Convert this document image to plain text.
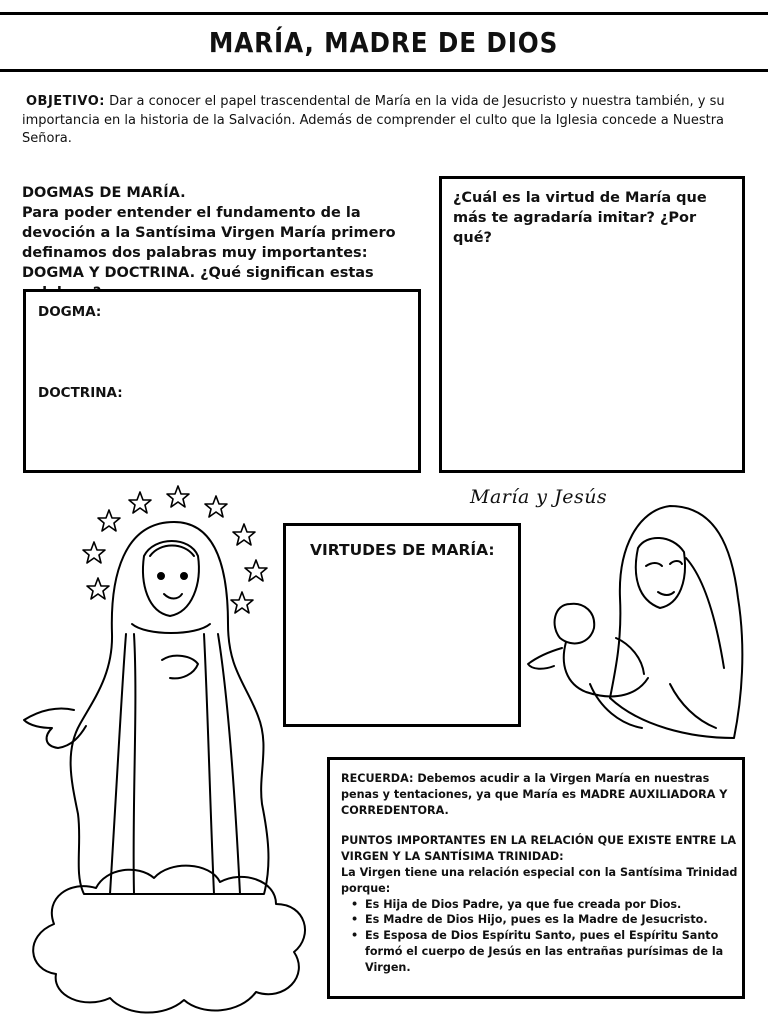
MARÍA, MADRE DE DIOS
OBJETIVO: Dar a conocer el papel trascendental de María en la vida de Jesucristo y nuestra también, y su importancia en la historia de la Salvación. Además de comprender el culto que la Iglesia concede a Nuestra Señora.
DOGMAS DE MARÍA.
Para poder entender el fundamento de la devoción a la Santísima Virgen María primero definamos dos palabras muy importantes: DOGMA Y DOCTRINA. ¿Qué significan estas
DOGMA:
DOCTRINA:

¿Cuál es la virtud de María que más te agradaría imitar? ¿Por qué?

VIRTUDES DE MARÍA:
RECUERDA: Debemos acudir a la Virgen María en nuestras penas y tentaciones, ya que María es MADRE AUXILIADORA Y CORREDENTORA.
PUNTOS IMPORTANTES EN LA RELACIÓN QUE EXISTE ENTRE LA VIRGEN Y LA SANTÍSIMA TRINIDAD:
La Virgen tiene una relación especial con la Santísima Trinidad porque:
• Es Hija de Dios Padre, ya que fue creada por Dios.
• Es Madre de Dios Hijo, pues es la Madre de Jesucristo.
• Es Esposa de Dios Espíritu Santo, pues el Espíritu Santo formó el cuerpo de Jesús en las entrañas purísimas de la Virgen.
María y Jesús
